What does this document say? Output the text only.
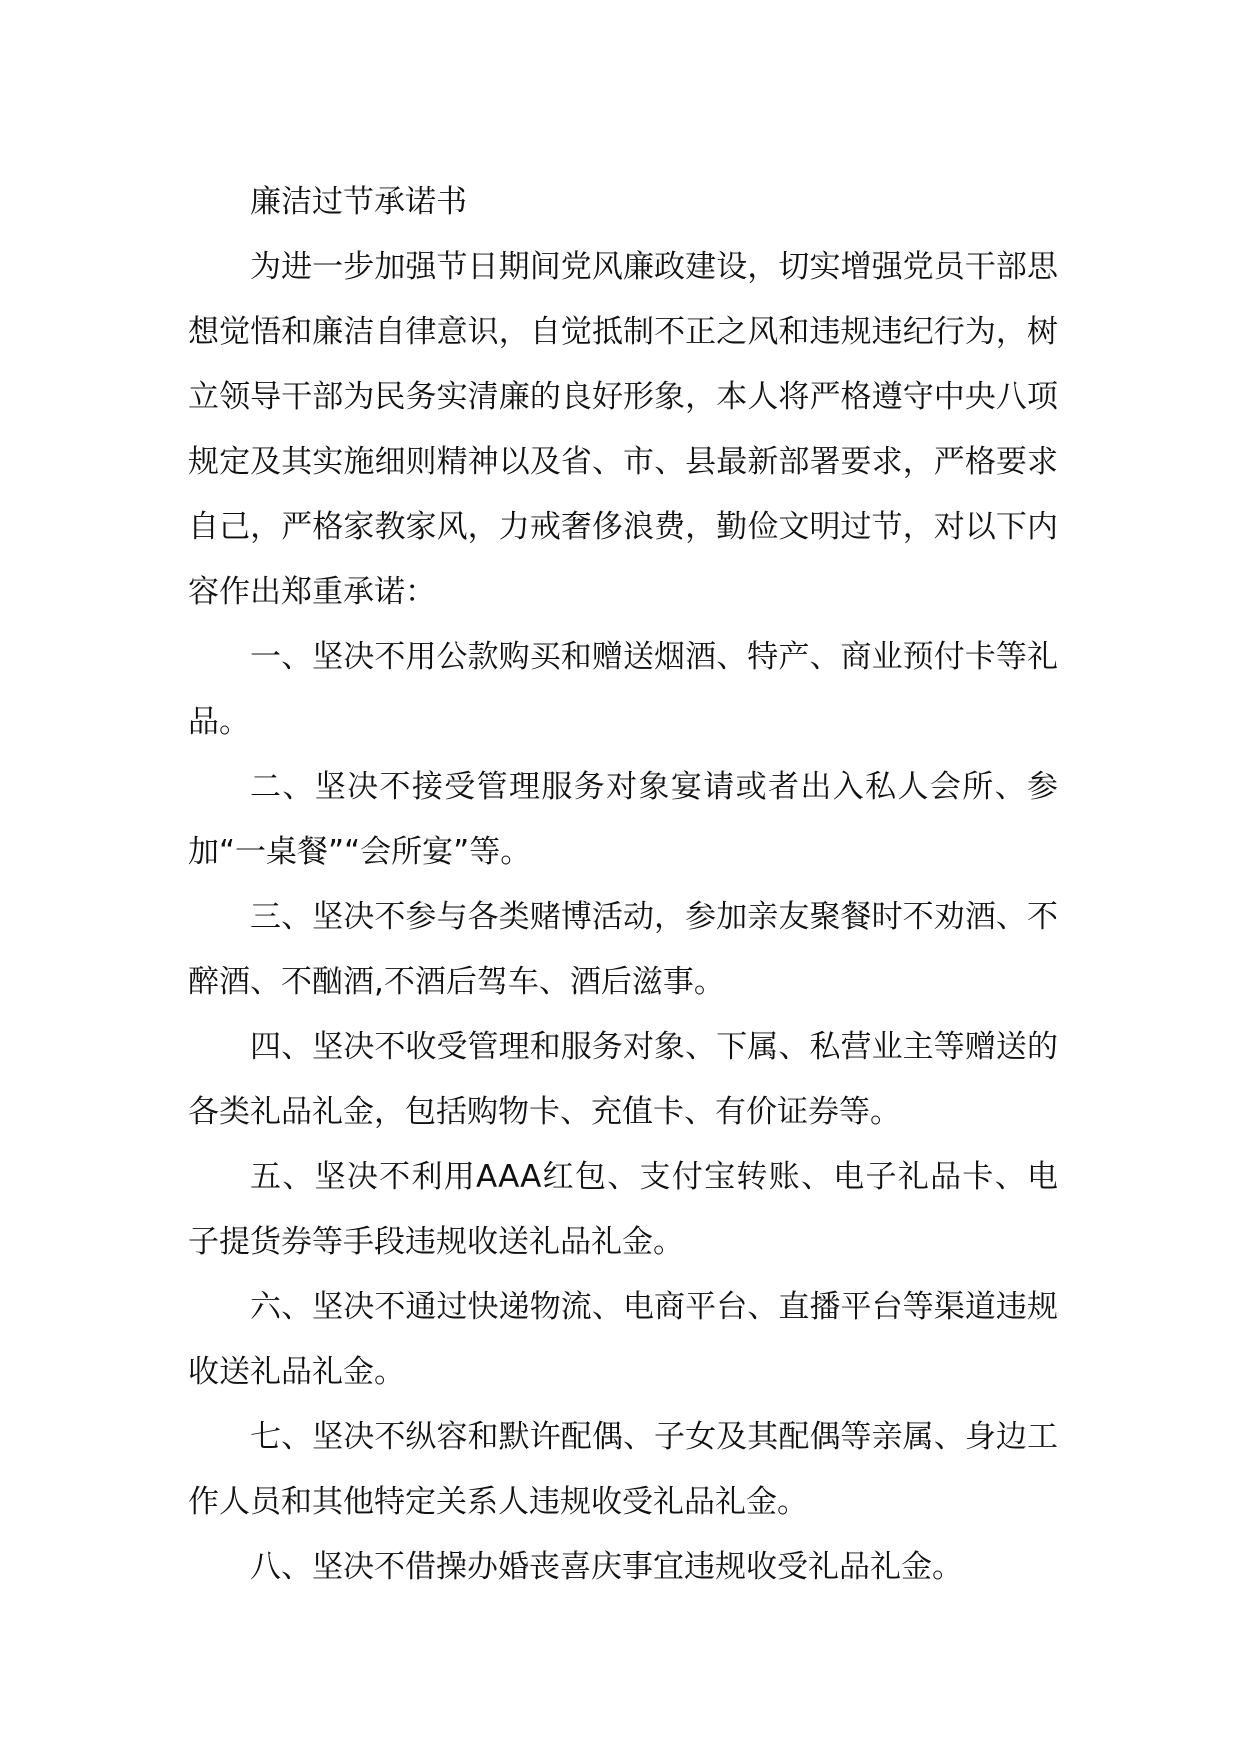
廉洁过节承诺书

为进一步加强节日期间党风廉政建设，切实增强党员干部思想觉悟和廉洁自律意识，自觉抵制不正之风和违规违纪行为，树立领导干部为民务实清廉的良好形象，本人将严格遵守中央八项规定及其实施细则精神以及省、市、县最新部署要求，严格要求自己，严格家教家风，力戒奢侈浪费，勤俭文明过节，对以下内容作出郑重承诺：

一、坚决不用公款购买和赠送烟酒、特产、商业预付卡等礼品。

二、坚决不接受管理服务对象宴请或者出入私人会所、参加“一桌餐”“会所宴”等。

三、坚决不参与各类赌博活动，参加亲友聚餐时不劝酒、不醉酒、不酗酒,不酒后驾车、酒后滋事。

四、坚决不收受管理和服务对象、下属、私营业主等赠送的各类礼品礼金，包括购物卡、充值卡、有价证券等。

五、坚决不利用AAA红包、支付宝转账、电子礼品卡、电子提货券等手段违规收送礼品礼金。

六、坚决不通过快递物流、电商平台、直播平台等渠道违规收送礼品礼金。

七、坚决不纵容和默许配偶、子女及其配偶等亲属、身边工作人员和其他特定关系人违规收受礼品礼金。

八、坚决不借操办婚丧喜庆事宜违规收受礼品礼金。
